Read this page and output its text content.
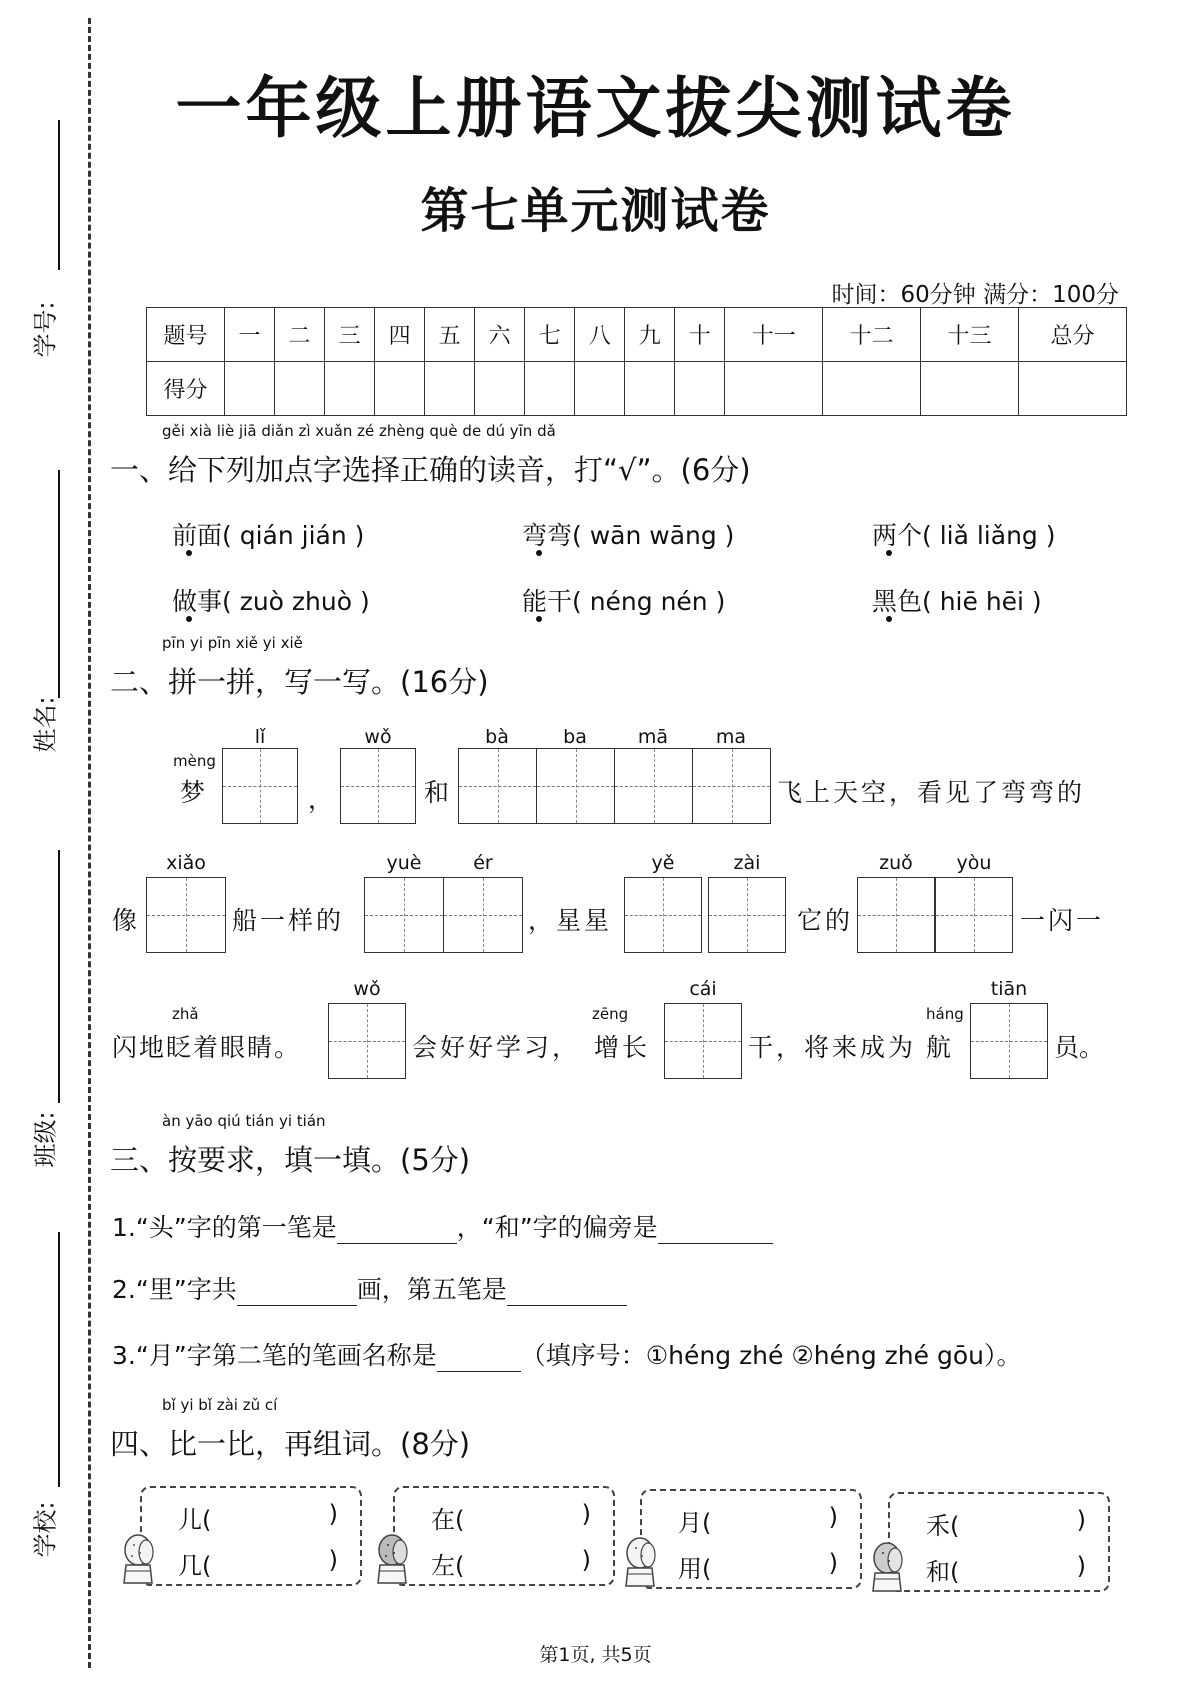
学号:
姓名:
班级:
学校:
一年级上册语文拔尖测试卷
第七单元测试卷
时间：60分钟 满分：100分
题号	一	二	三	四	五	六	七	八	九	十	十一	十二	十三	总分
得分														
gěi xià liè jiā diǎn zì xuǎn zé zhèng què de dú yīn dǎ
一、给下列加点字选择正确的读音，打“√”。(6分)
前面( qián jián )	弯弯( wān wāng )	两个( liǎ liǎng )
做事( zuò zhuò )	能干( néng nén )	黑色( hiē hēi )
pīn yi pīn xiě yi xiě
二、拼一拼，写一写。(16分)
mèng
梦
lǐ
，
wǒ
和
bà	ba	mā	ma
飞上天空，看见了弯弯的
像
xiǎo
船一样的
yuè	ér
，星星
yě	zài
它的
zuǒ	yòu
一闪一
zhǎ
闪地眨着眼睛。
wǒ
会好好学习，
zēng
增长
cái
干，将来成为
háng
航
tiān
员。
àn yāo qiú tián yi tián
三、按要求，填一填。(5分)
1.“头”字的第一笔是	，“和”字的偏旁是
2.“里”字共	画，第五笔是
3.“月”字第二笔的笔画名称是	（填序号：①héng zhé ②héng zhé gōu）。
bǐ yi bǐ zài zǔ cí
四、比一比，再组词。(8分)
儿(	)
几(	)
在(	)
左(	)
月(	)
用(	)
禾(	)
和(	)
第1页, 共5页
